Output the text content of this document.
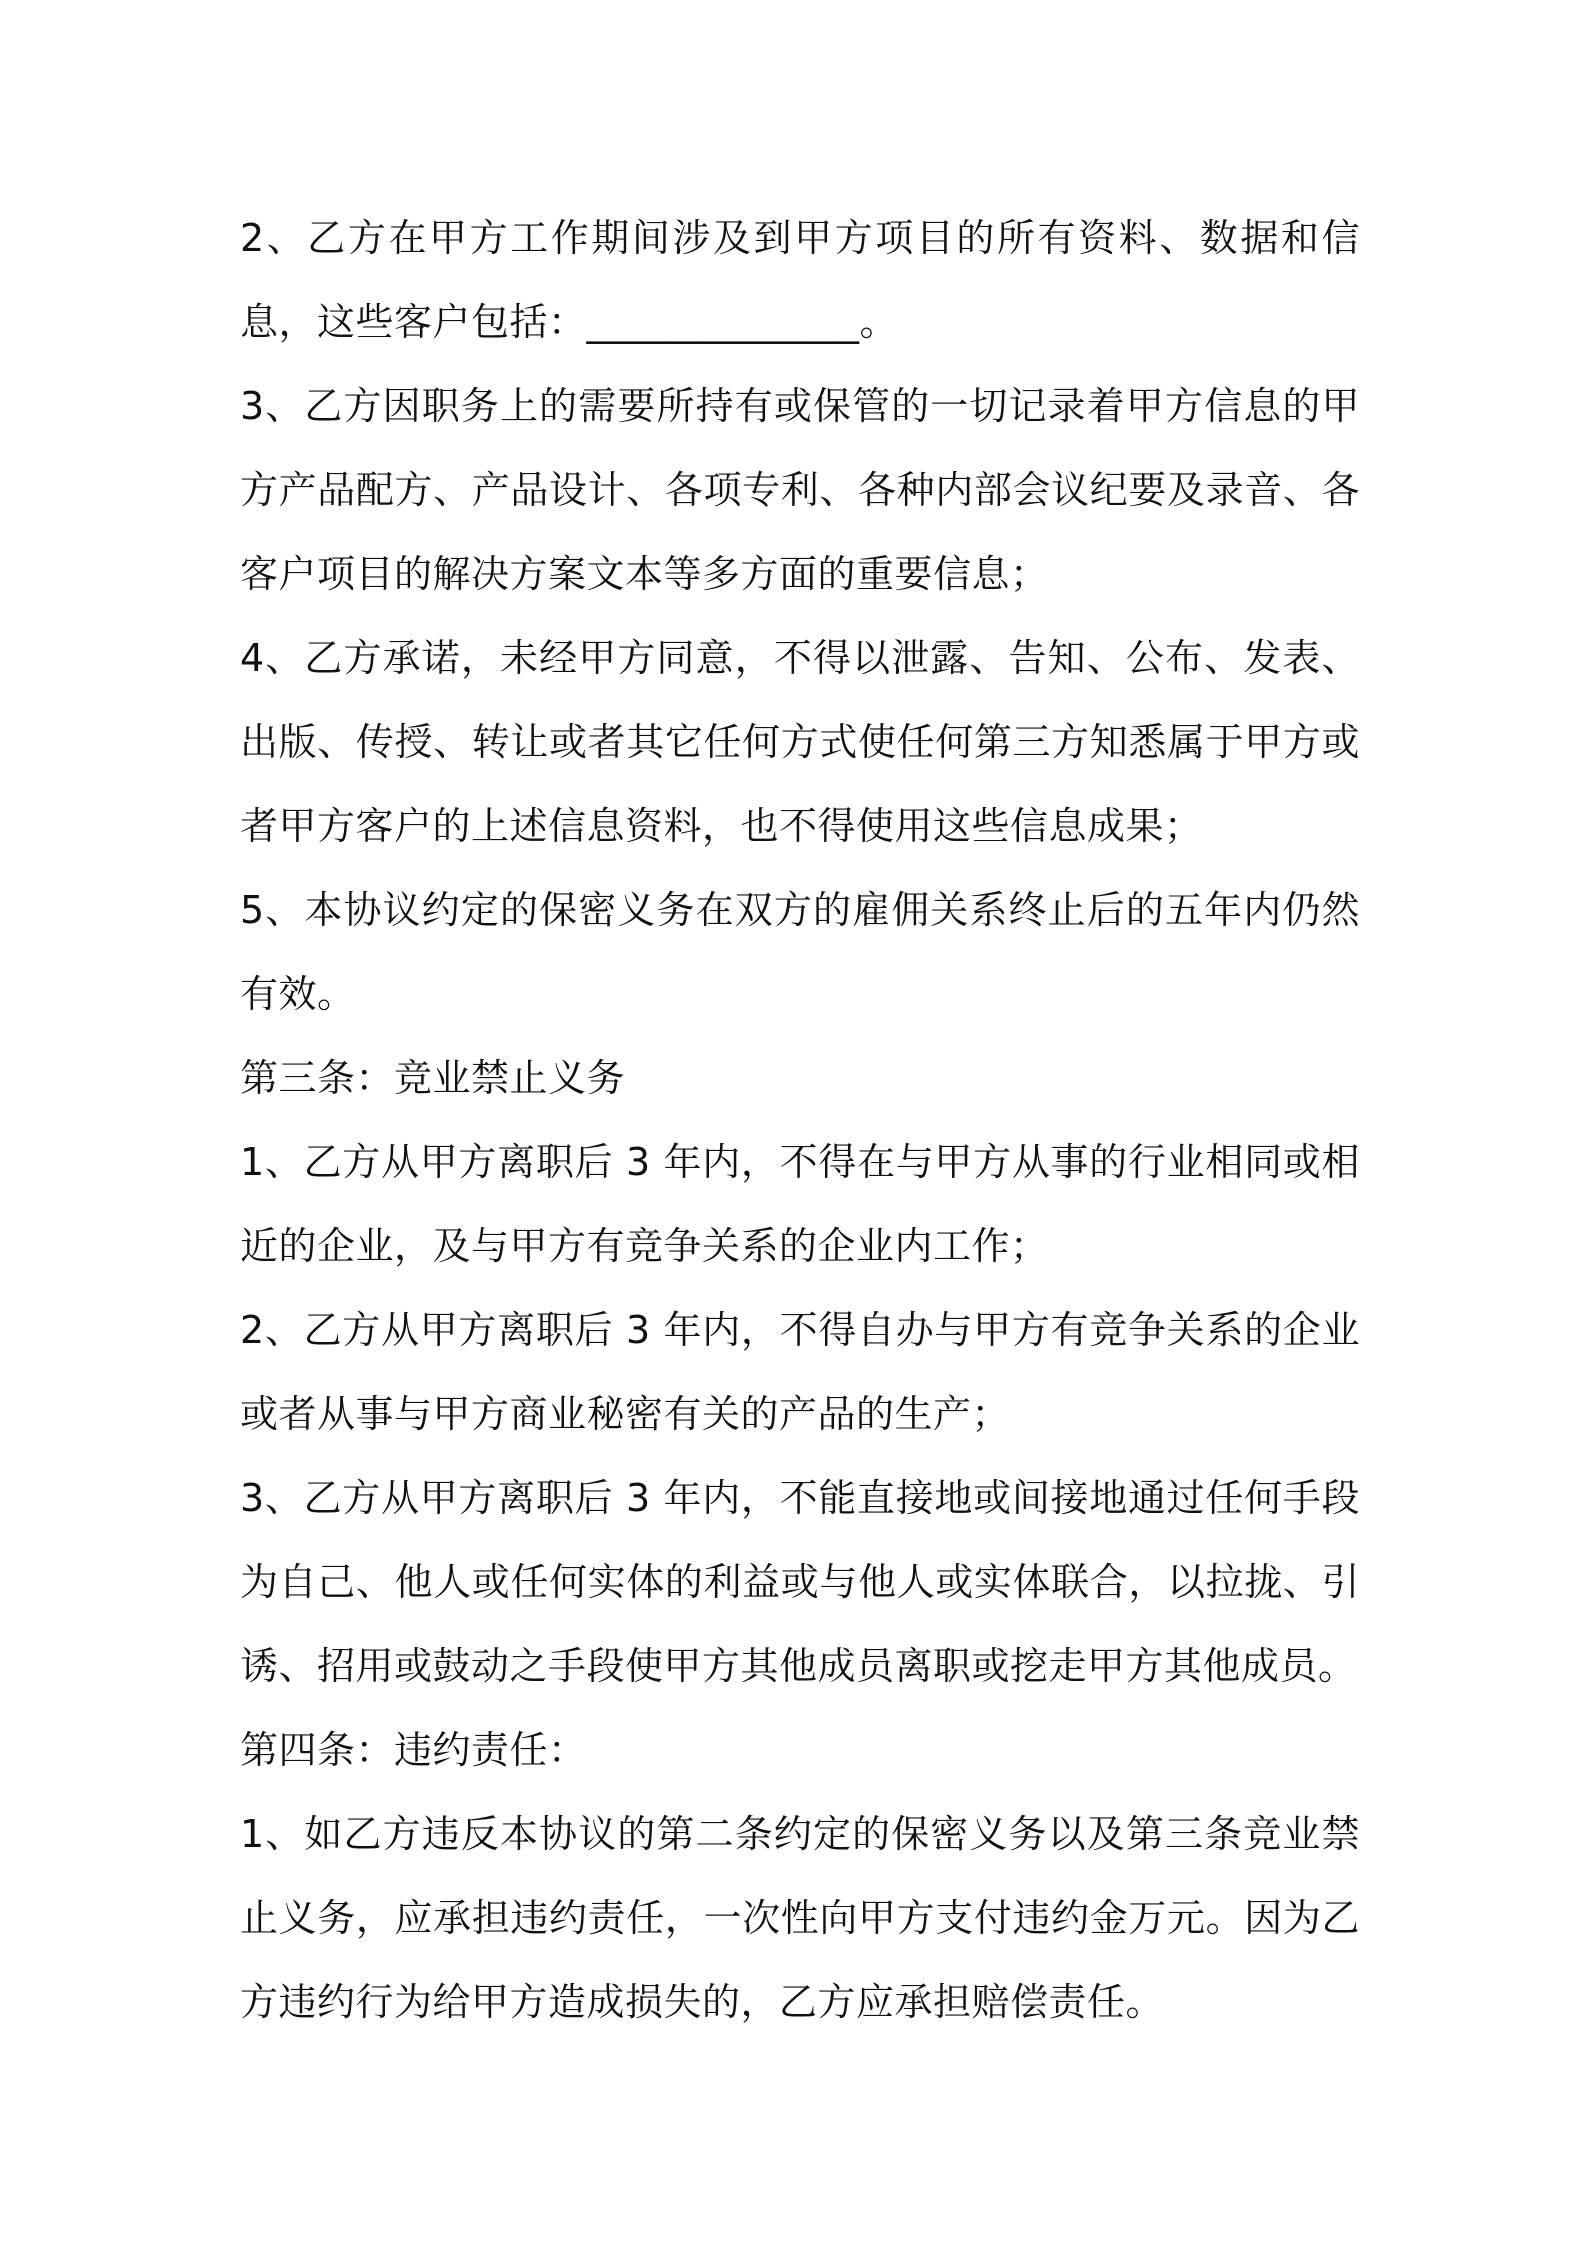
2、乙方在甲方工作期间涉及到甲方项目的所有资料、数据和信息，这些客户包括：______________。

3、乙方因职务上的需要所持有或保管的一切记录着甲方信息的甲方产品配方、产品设计、各项专利、各种内部会议纪要及录音、各客户项目的解决方案文本等多方面的重要信息；

4、乙方承诺，未经甲方同意，不得以泄露、告知、公布、发表、出版、传授、转让或者其它任何方式使任何第三方知悉属于甲方或者甲方客户的上述信息资料，也不得使用这些信息成果；

5、本协议约定的保密义务在双方的雇佣关系终止后的五年内仍然有效。

第三条：竞业禁止义务

1、乙方从甲方离职后 3 年内，不得在与甲方从事的行业相同或相近的企业，及与甲方有竞争关系的企业内工作；

2、乙方从甲方离职后 3 年内，不得自办与甲方有竞争关系的企业或者从事与甲方商业秘密有关的产品的生产；

3、乙方从甲方离职后 3 年内，不能直接地或间接地通过任何手段为自己、他人或任何实体的利益或与他人或实体联合，以拉拢、引诱、招用或鼓动之手段使甲方其他成员离职或挖走甲方其他成员。

第四条：违约责任：

1、如乙方违反本协议的第二条约定的保密义务以及第三条竞业禁止义务，应承担违约责任，一次性向甲方支付违约金万元。因为乙方违约行为给甲方造成损失的，乙方应承担赔偿责任。
